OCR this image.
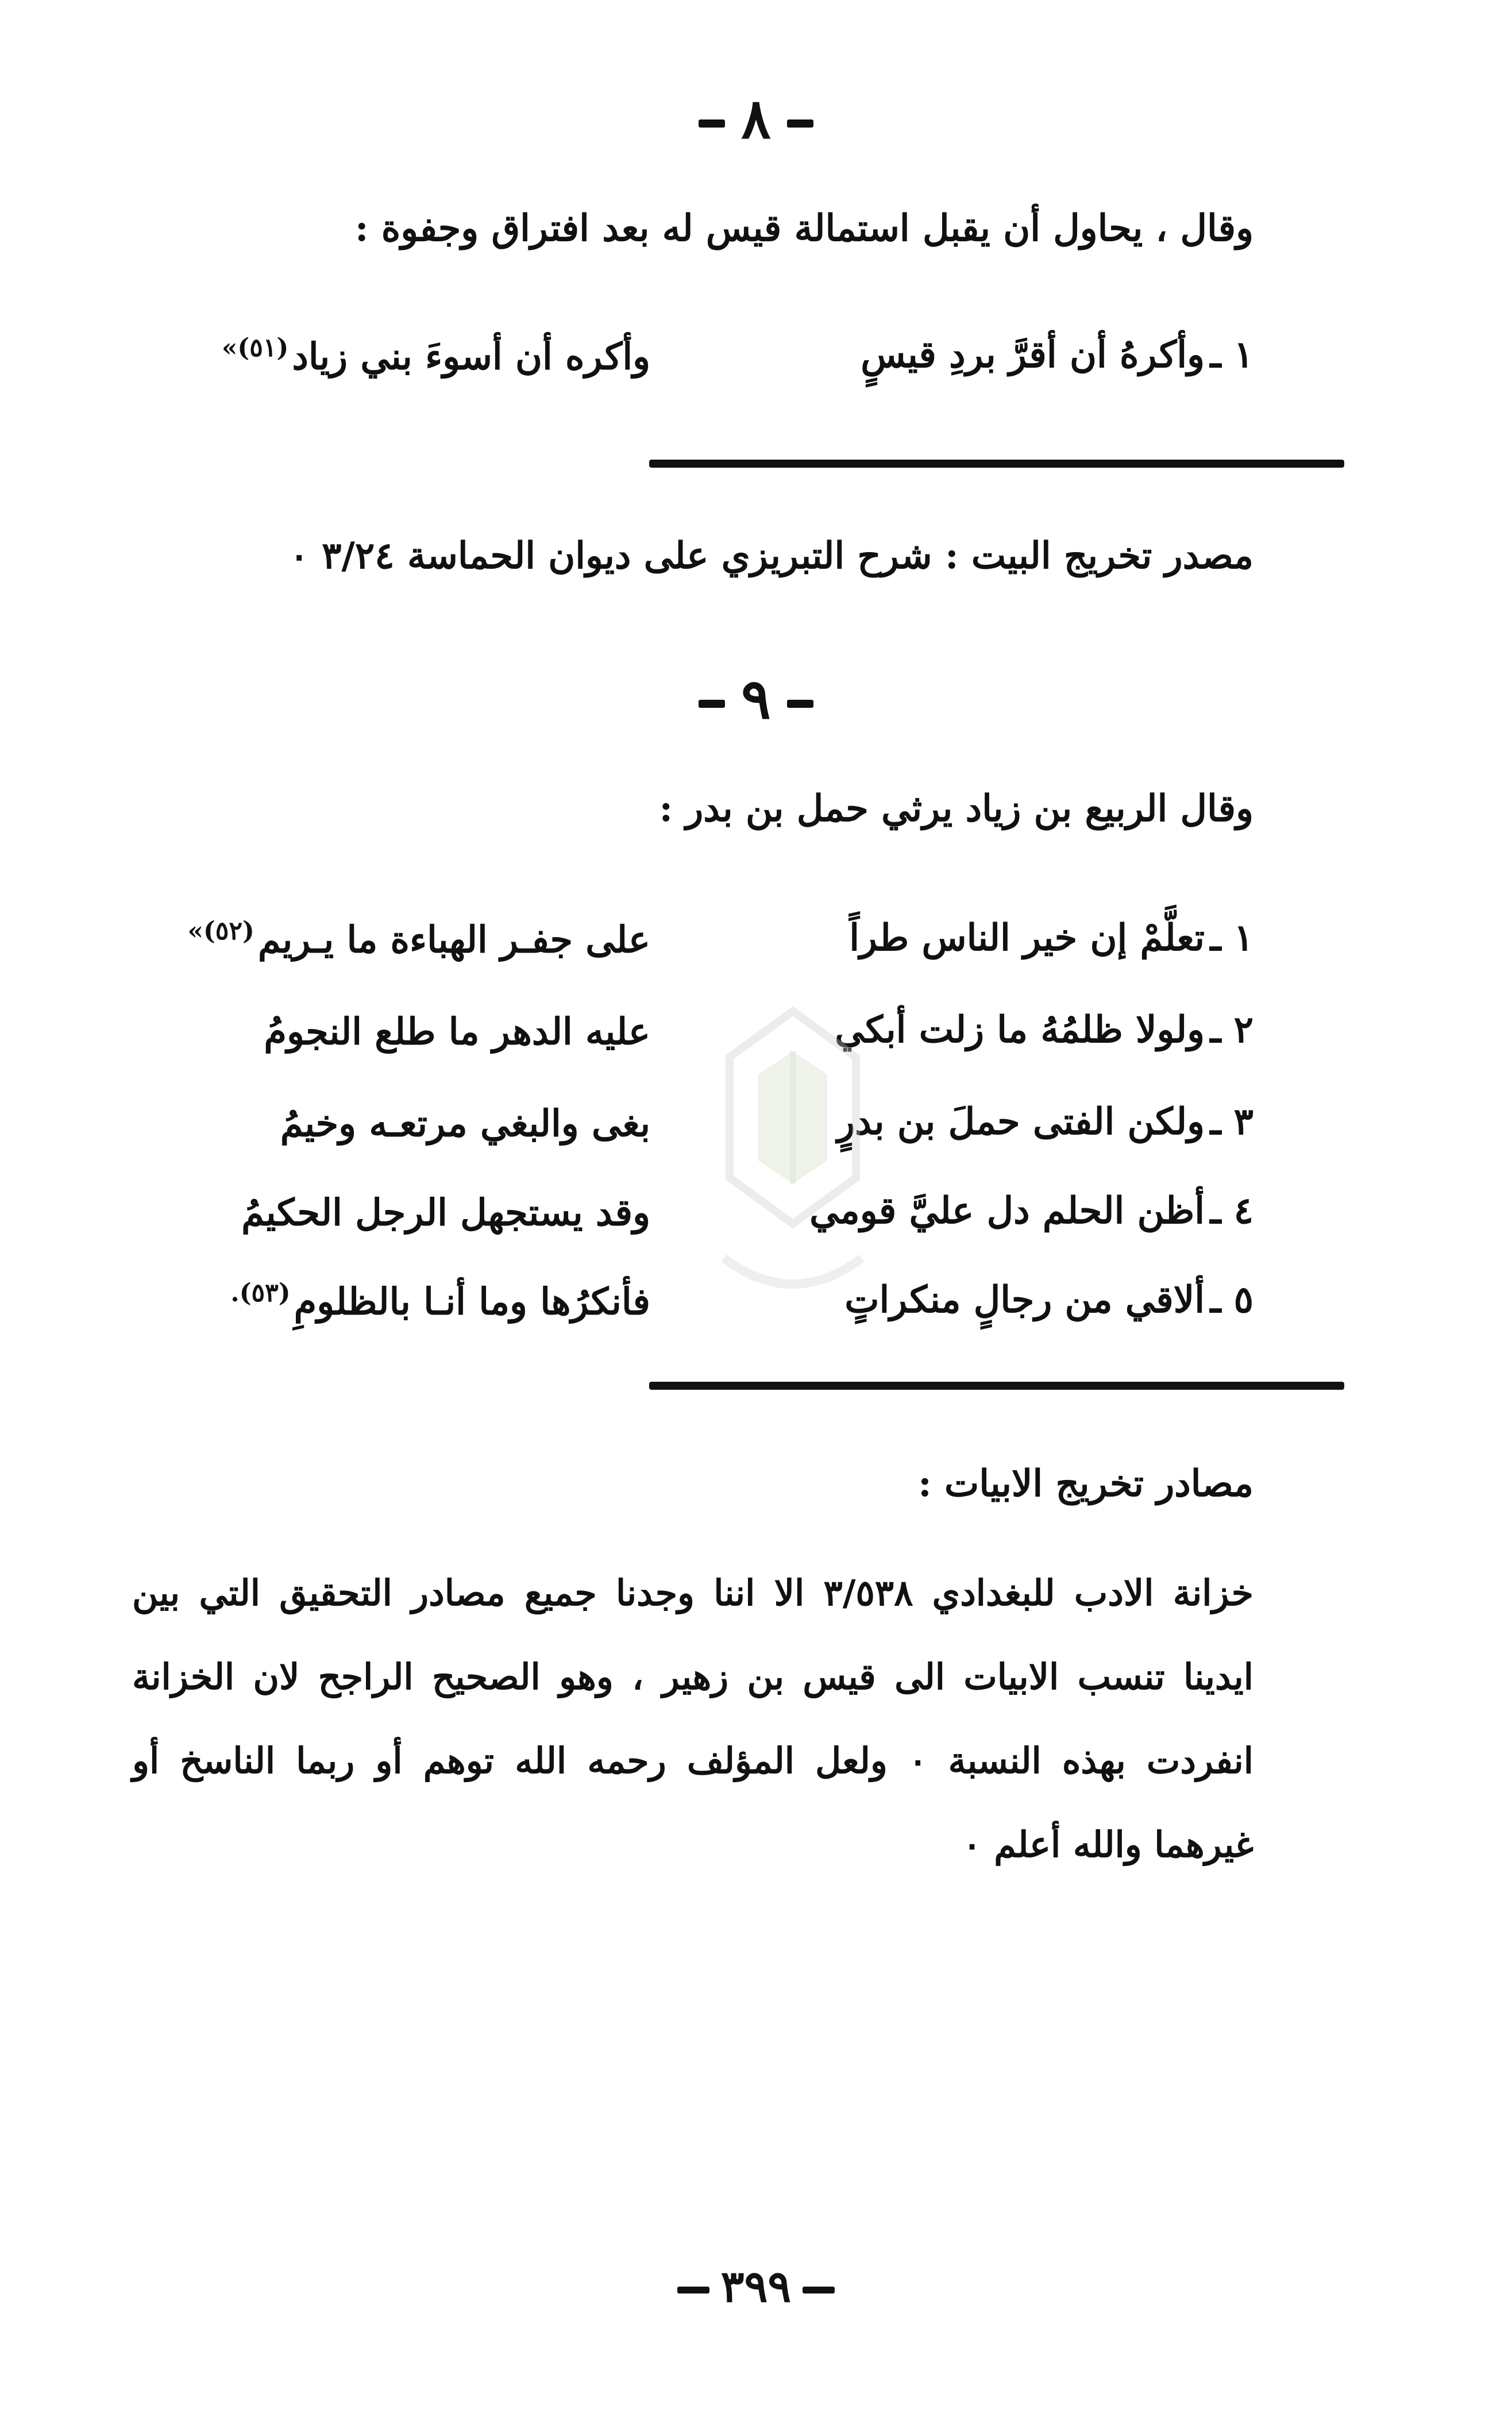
٨
وقال ، يحاول أن يقبل استمالة قيس له بعد افتراق وجفوة :
١ ـ
وأكرهُ أن أقرَّ بردِ قيسٍ
وأكره أن أسوءَ بني زياد$^{(٥١)»}$
مصدر تخريج البيت : شرح التبريزي على ديوان الحماسة ٣/٢٤ ٠
٩
وقال الربيع بن زياد يرثي حمل بن بدر :
١ ـ
تعلَّمْ إن خير الناس طراً
على جفـر الهباءة ما يـريم$^{(٥٢)»}$
٢ ـ
ولولا ظلمُهُ ما زلت أبكي
عليه الدهر ما طلع النجومُ
٣ ـ
ولكن الفتى حملَ بن بدرٍ
بغى والبغي مرتعـه وخيمُ
٤ ـ
أظن الحلم دل عليَّ قومي
وقد يستجهل الرجل الحكيمُ
٥ ـ
ألاقي من رجالٍ منكراتٍ
فأنكرُها وما أنـا بالظلومِ$^{(٥٣).}$
مصادر تخريج الابيات :
خزانة الادب للبغدادي ٣/٥٣٨ الا اننا وجدنا جميع مصادر التحقيق التي بين ايدينا تنسب الابيات الى قيس بن زهير ، وهو الصحيح الراجح لان الخزانة انفردت بهذه النسبة ٠ ولعل المؤلف رحمه الله توهم أو ربما الناسخ أو غيرهما والله أعلم ٠
٣٩٩
